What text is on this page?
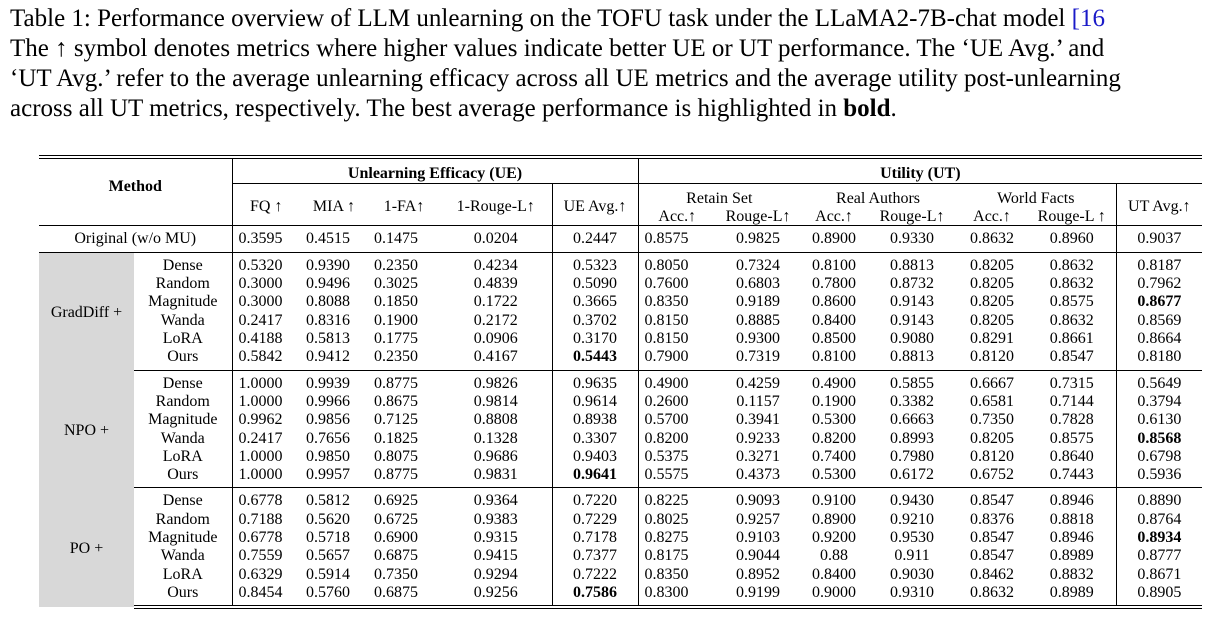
Table 1: Performance overview of LLM unlearning on the TOFU task under the LLaMA2-7B-chat model [16
The ↑ symbol denotes metrics where higher values indicate better UE or UT performance. The ‘UE Avg.’ and
‘UT Avg.’ refer to the average unlearning efficacy across all UE metrics and the average utility post-unlearning
across all UT metrics, respectively. The best average performance is highlighted in bold.
Method		Unlearning Efficacy (UE)					Utility (UT)						
		FQ ↑	MIA ↑	1-FA↑	1-Rouge-L↑	UE Avg.↑	Retain Set		Real Authors		World Facts		UT Avg.↑
							Acc.↑	Rouge-L↑	Acc.↑	Rouge-L↑	Acc.↑	Rouge-L ↑	
Original (w/o MU)		0.3595	0.4515	0.1475	0.0204	0.2447	0.8575	0.9825	0.8900	0.9330	0.8632	0.8960	0.9037
GradDiff +	Dense	0.5320	0.9390	0.2350	0.4234	0.5323	0.8050	0.7324	0.8100	0.8813	0.8205	0.8632	0.8187
	Random	0.3000	0.9496	0.3025	0.4839	0.5090	0.7600	0.6803	0.7800	0.8732	0.8205	0.8632	0.7962
	Magnitude	0.3000	0.8088	0.1850	0.1722	0.3665	0.8350	0.9189	0.8600	0.9143	0.8205	0.8575	0.8677
	Wanda	0.2417	0.8316	0.1900	0.2172	0.3702	0.8150	0.8885	0.8400	0.9143	0.8205	0.8632	0.8569
	LoRA	0.4188	0.5813	0.1775	0.0906	0.3170	0.8150	0.9300	0.8500	0.9080	0.8291	0.8661	0.8664
	Ours	0.5842	0.9412	0.2350	0.4167	0.5443	0.7900	0.7319	0.8100	0.8813	0.8120	0.8547	0.8180
NPO +	Dense	1.0000	0.9939	0.8775	0.9826	0.9635	0.4900	0.4259	0.4900	0.5855	0.6667	0.7315	0.5649
	Random	1.0000	0.9966	0.8675	0.9814	0.9614	0.2600	0.1157	0.1900	0.3382	0.6581	0.7144	0.3794
	Magnitude	0.9962	0.9856	0.7125	0.8808	0.8938	0.5700	0.3941	0.5300	0.6663	0.7350	0.7828	0.6130
	Wanda	0.2417	0.7656	0.1825	0.1328	0.3307	0.8200	0.9233	0.8200	0.8993	0.8205	0.8575	0.8568
	LoRA	1.0000	0.9850	0.8075	0.9686	0.9403	0.5375	0.3271	0.7400	0.7980	0.8120	0.8640	0.6798
	Ours	1.0000	0.9957	0.8775	0.9831	0.9641	0.5575	0.4373	0.5300	0.6172	0.6752	0.7443	0.5936
PO +	Dense	0.6778	0.5812	0.6925	0.9364	0.7220	0.8225	0.9093	0.9100	0.9430	0.8547	0.8946	0.8890
	Random	0.7188	0.5620	0.6725	0.9383	0.7229	0.8025	0.9257	0.8900	0.9210	0.8376	0.8818	0.8764
	Magnitude	0.6778	0.5718	0.6900	0.9315	0.7178	0.8275	0.9103	0.9200	0.9530	0.8547	0.8946	0.8934
	Wanda	0.7559	0.5657	0.6875	0.9415	0.7377	0.8175	0.9044	0.88	0.911	0.8547	0.8989	0.8777
	LoRA	0.6329	0.5914	0.7350	0.9294	0.7222	0.8350	0.8952	0.8400	0.9030	0.8462	0.8832	0.8671
	Ours	0.8454	0.5760	0.6875	0.9256	0.7586	0.8300	0.9199	0.9000	0.9310	0.8632	0.8989	0.8905
